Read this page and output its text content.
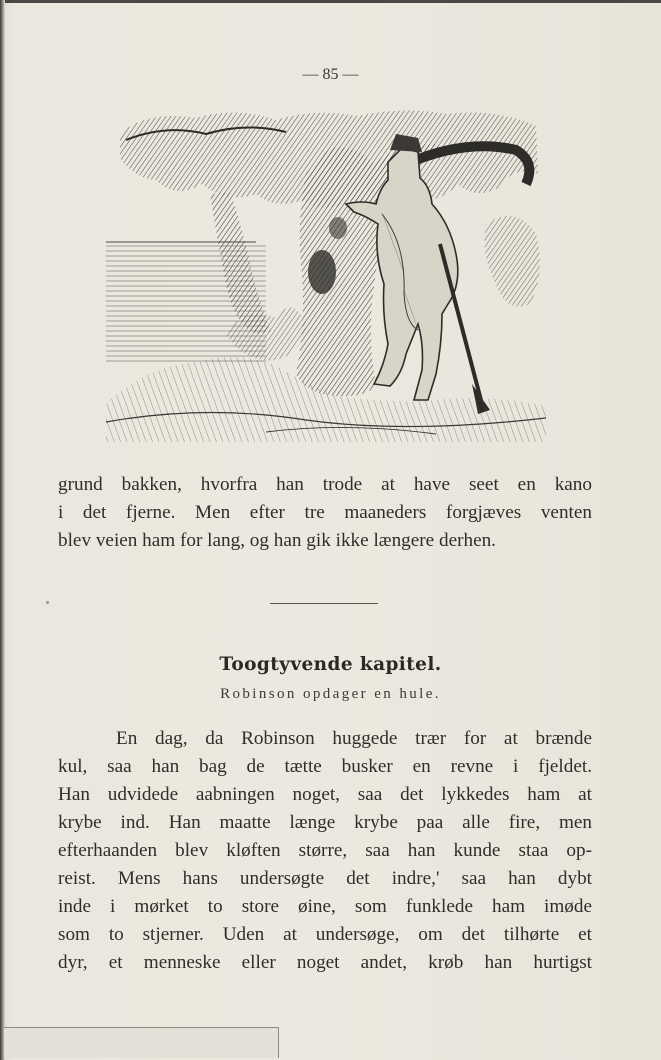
— 85 —
grund bakken, hvorfra han trode at have seet en kano
i det fjerne. Men efter tre maaneders forgjæves venten
blev veien ham for lang, og han gik ikke længere derhen.
Toogtyvende kapitel.
Robinson opdager en hule.
En dag, da Robinson huggede trær for at brænde
kul, saa han bag de tætte busker en revne i fjeldet.
Han udvidede aabningen noget, saa det lykkedes ham at
krybe ind. Han maatte længe krybe paa alle fire, men
efterhaanden blev kløften større, saa han kunde staa op-
reist. Mens hans undersøgte det indre,' saa han dybt
inde i mørket to store øine, som funklede ham imøde
som to stjerner. Uden at undersøge, om det tilhørte et
dyr, et menneske eller noget andet, krøb han hurtigst
